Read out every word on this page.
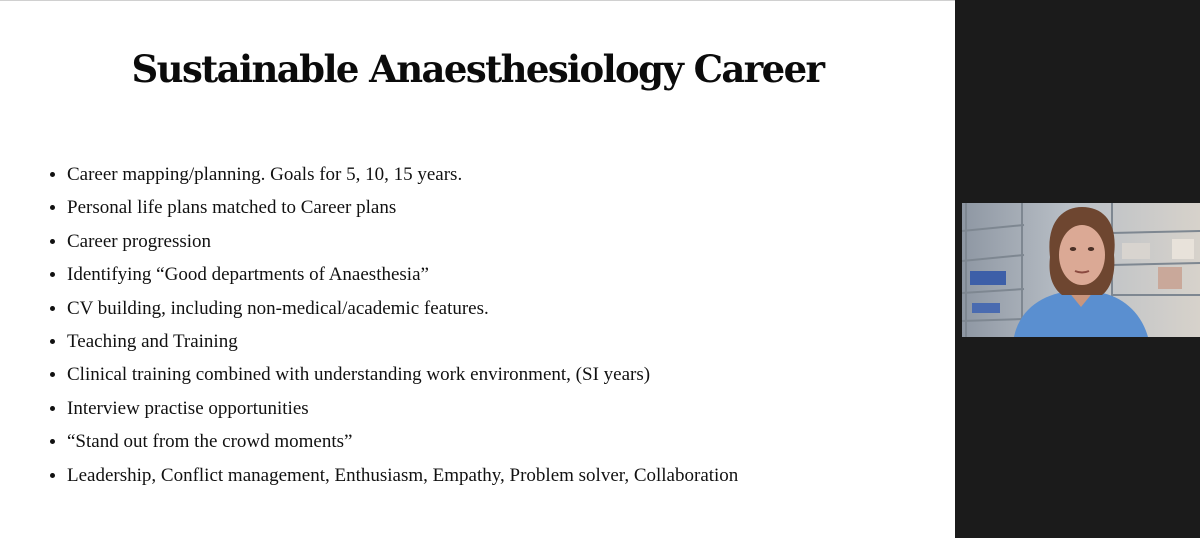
Sustainable Anaesthesiology Career
Career mapping/planning. Goals for 5, 10, 15 years.
Personal life plans matched to Career plans
Career progression
Identifying “Good departments of Anaesthesia”
CV building, including non-medical/academic features.
Teaching and Training
Clinical training combined with understanding work environment, (SI years)
Interview practise opportunities
“Stand out from the crowd moments”
Leadership, Conflict management, Enthusiasm, Empathy, Problem solver, Collaboration
